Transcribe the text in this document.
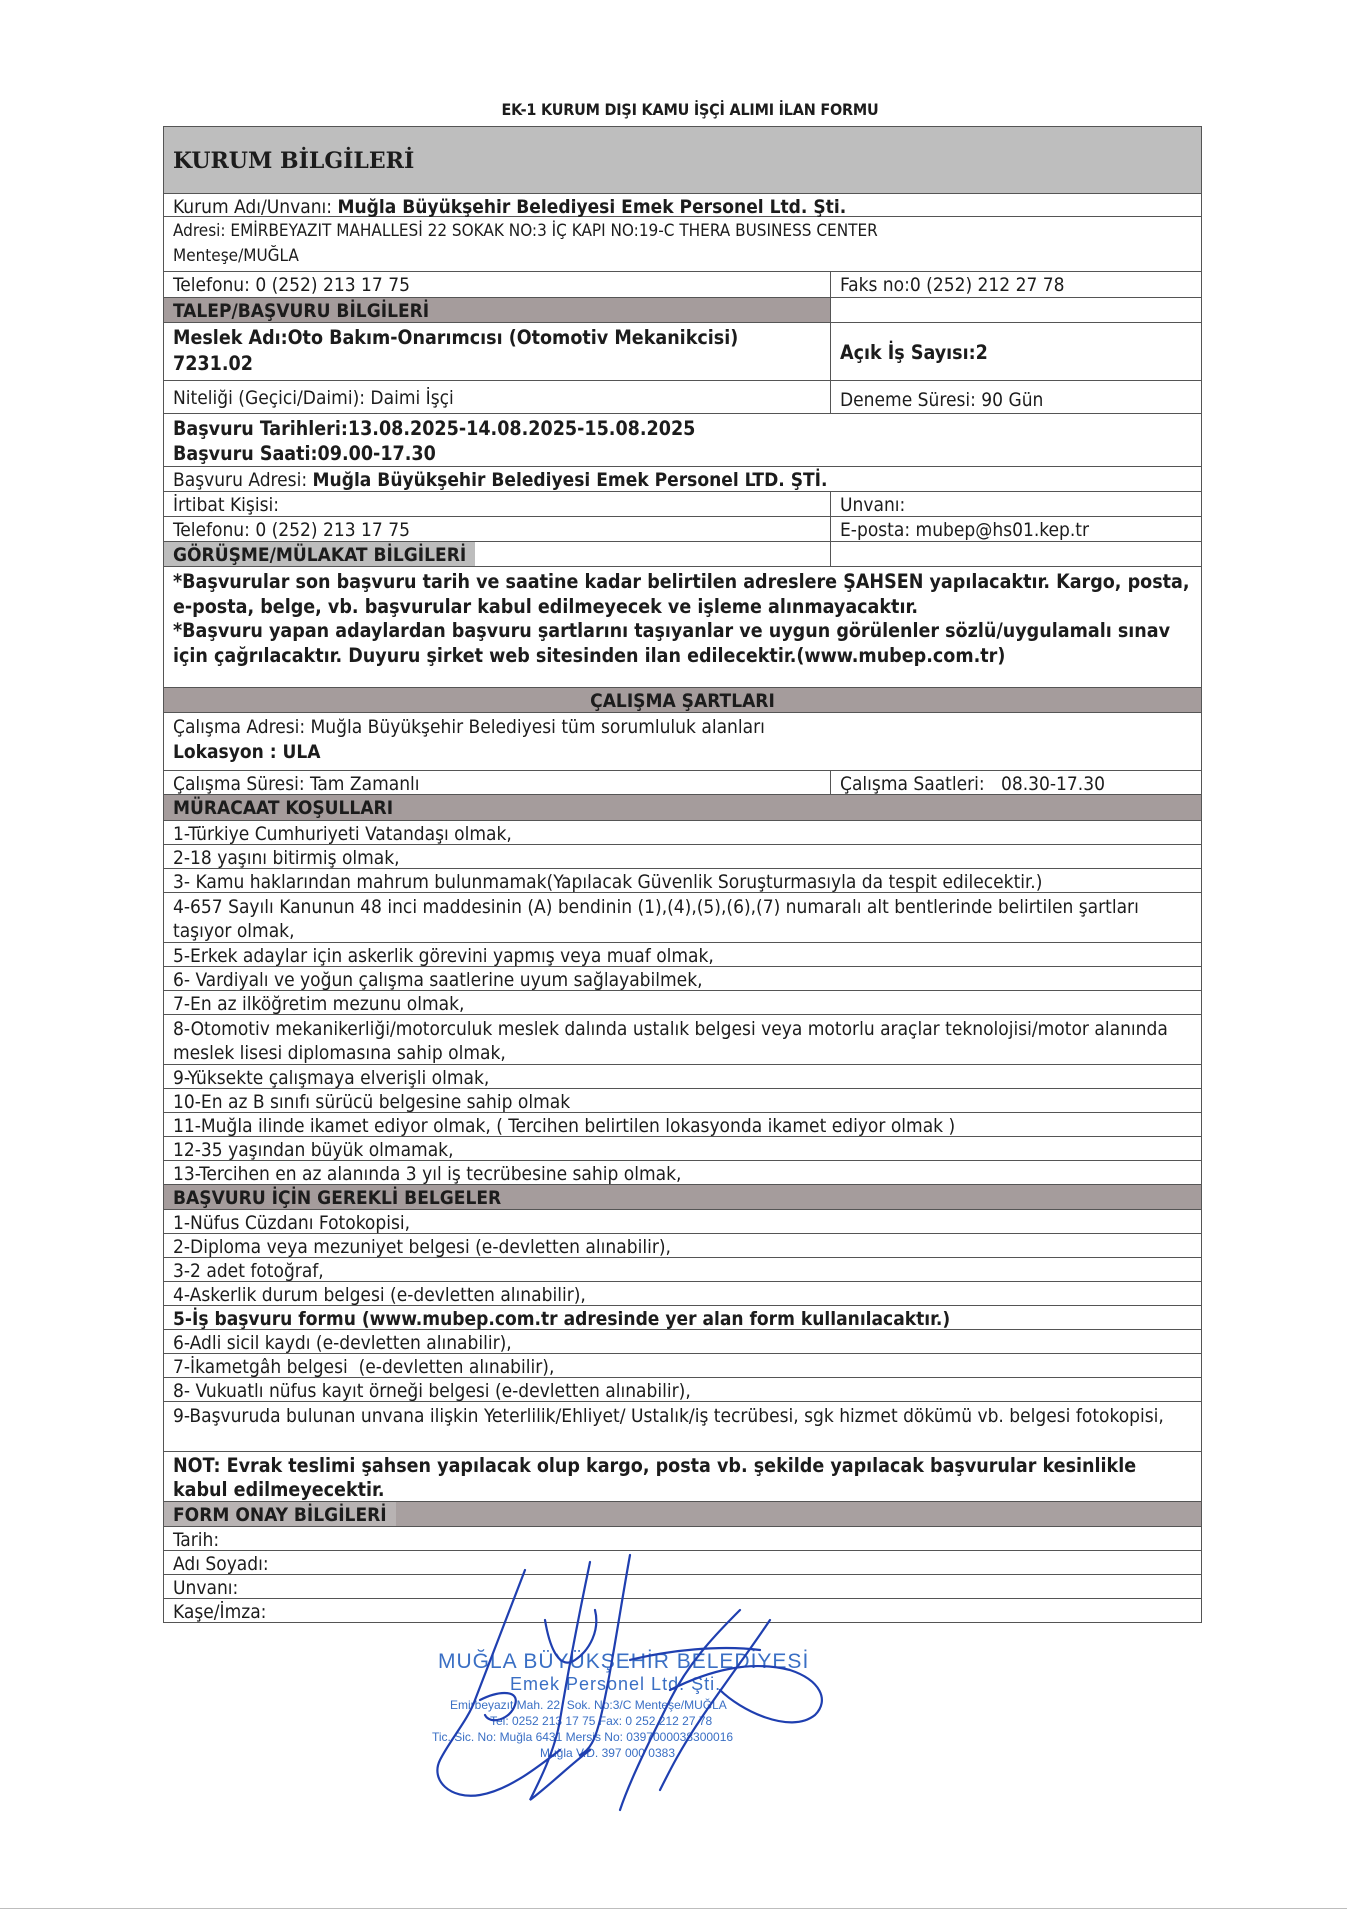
EK-1 KURUM DIŞI KAMU İŞÇİ ALIMI İLAN FORMU
KURUM BİLGİLERİ
Kurum Adı/Unvanı: Muğla Büyükşehir Belediyesi Emek Personel Ltd. Şti.
Adresi: EMİRBEYAZIT MAHALLESİ 22 SOKAK NO:3 İÇ KAPI NO:19-C THERA BUSINESS CENTER
Menteşe/MUĞLA
Telefonu: 0 (252) 213 17 75	Faks no:0 (252) 212 27 78
TALEP/BAŞVURU BİLGİLERİ
Meslek Adı:Oto Bakım-Onarımcısı (Otomotiv Mekanikcisi)
7231.02	Açık İş Sayısı:2
Niteliği (Geçici/Daimi): Daimi İşçi	Deneme Süresi: 90 Gün
Başvuru Tarihleri:13.08.2025-14.08.2025-15.08.2025
Başvuru Saati:09.00-17.30
Başvuru Adresi: Muğla Büyükşehir Belediyesi Emek Personel LTD. ŞTİ.
İrtibat Kişisi:	Unvanı:
Telefonu: 0 (252) 213 17 75	E-posta: mubep@hs01.kep.tr
GÖRÜŞME/MÜLAKAT BİLGİLERİ
*Başvurular son başvuru tarih ve saatine kadar belirtilen adreslere ŞAHSEN yapılacaktır. Kargo, posta, e-posta, belge, vb. başvurular kabul edilmeyecek ve işleme alınmayacaktır.
*Başvuru yapan adaylardan başvuru şartlarını taşıyanlar ve uygun görülenler sözlü/uygulamalı sınav için çağrılacaktır. Duyuru şirket web sitesinden ilan edilecektir.(www.mubep.com.tr)
ÇALIŞMA ŞARTLARI
Çalışma Adresi: Muğla Büyükşehir Belediyesi tüm sorumluluk alanları
Lokasyon : ULA
Çalışma Süresi: Tam Zamanlı	Çalışma Saatleri:   08.30-17.30
MÜRACAAT KOŞULLARI
1-Türkiye Cumhuriyeti Vatandaşı olmak,
2-18 yaşını bitirmiş olmak,
3- Kamu haklarından mahrum bulunmamak(Yapılacak Güvenlik Soruşturmasıyla da tespit edilecektir.)
4-657 Sayılı Kanunun 48 inci maddesinin (A) bendinin (1),(4),(5),(6),(7) numaralı alt bentlerinde belirtilen şartları taşıyor olmak,
5-Erkek adaylar için askerlik görevini yapmış veya muaf olmak,
6- Vardiyalı ve yoğun çalışma saatlerine uyum sağlayabilmek,
7-En az ilköğretim mezunu olmak,
8-Otomotiv mekanikerliği/motorculuk meslek dalında ustalık belgesi veya motorlu araçlar teknolojisi/motor alanında meslek lisesi diplomasına sahip olmak,
9-Yüksekte çalışmaya elverişli olmak,
10-En az B sınıfı sürücü belgesine sahip olmak
11-Muğla ilinde ikamet ediyor olmak, ( Tercihen belirtilen lokasyonda ikamet ediyor olmak )
12-35 yaşından büyük olmamak,
13-Tercihen en az alanında 3 yıl iş tecrübesine sahip olmak,
BAŞVURU İÇİN GEREKLİ BELGELER
1-Nüfus Cüzdanı Fotokopisi,
2-Diploma veya mezuniyet belgesi (e-devletten alınabilir),
3-2 adet fotoğraf,
4-Askerlik durum belgesi (e-devletten alınabilir),
5-İş başvuru formu (www.mubep.com.tr adresinde yer alan form kullanılacaktır.)
6-Adli sicil kaydı (e-devletten alınabilir),
7-İkametgâh belgesi  (e-devletten alınabilir),
8- Vukuatlı nüfus kayıt örneği belgesi (e-devletten alınabilir),
9-Başvuruda bulunan unvana ilişkin Yeterlilik/Ehliyet/ Ustalık/iş tecrübesi, sgk hizmet dökümü vb. belgesi fotokopisi,
NOT: Evrak teslimi şahsen yapılacak olup kargo, posta vb. şekilde yapılacak başvurular kesinlikle kabul edilmeyecektir.
FORM ONAY BİLGİLERİ
Tarih:
Adı Soyadı:
Unvanı:
Kaşe/İmza:
MUĞLA BÜYÜKŞEHİR BELEDİYESİ
Emek Personel Ltd. Şti.
Emirbeyazıt Mah. 22. Sok. No:3/C Menteşe/MUĞLA
Tel: 0252 213 17 75 Fax: 0 252 212 27 78
Tic. Sic. No: Muğla 6431 Mersis No: 0397000038300016
Muğla V.D. 397 000 0383
